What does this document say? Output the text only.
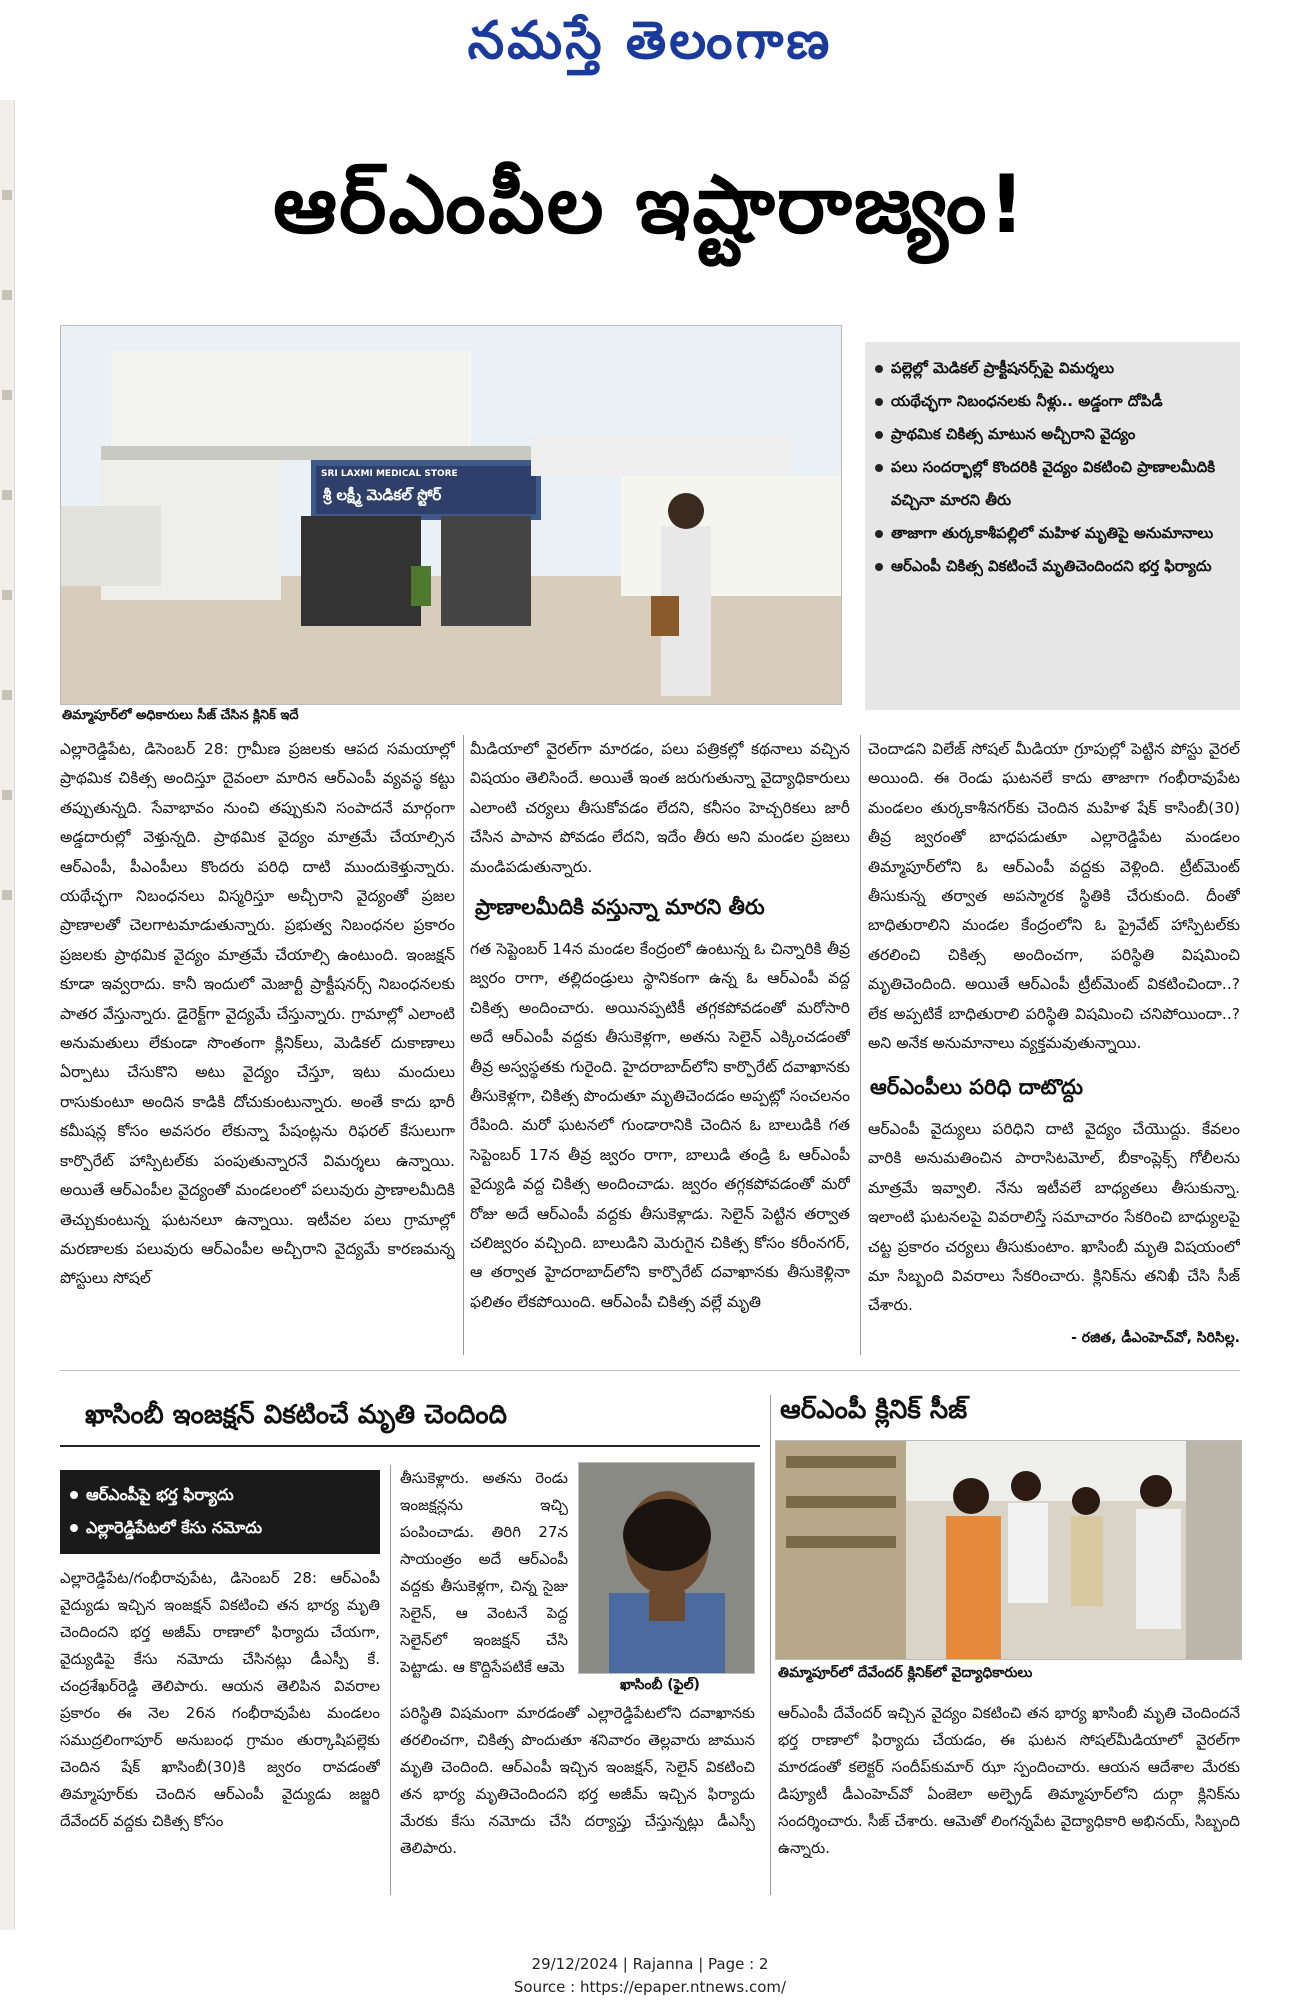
నమస్తే తెలంగాణ
ఆర్‌ఎంపీల ఇష్టారాజ్యం!
SRI LAXMI MEDICAL STORE
శ్రీ లక్ష్మీ మెడికల్ స్టోర్
తిమ్మాపూర్‌లో అధికారులు సీజ్ చేసిన క్లినిక్ ఇదే
పల్లెల్లో మెడికల్ ప్రాక్టీషనర్స్‌పై విమర్శలు
యథేచ్ఛగా నిబంధనలకు నీళ్లు.. అడ్డంగా దోపిడీ
ప్రాథమిక చికిత్స మాటున అచ్చీరాని వైద్యం
పలు సందర్భాల్లో కొందరికి వైద్యం వికటించి ప్రాణాలమీదికి వచ్చినా మారని తీరు
తాజాగా తుర్కకాశీపల్లిలో మహిళ మృతిపై అనుమానాలు
ఆర్‌ఎంపీ చికిత్స వికటించే మృతిచెందిందని భర్త ఫిర్యాదు
ఎల్లారెడ్డిపేట, డిసెంబర్ 28: గ్రామీణ ప్రజలకు ఆపద సమయాల్లో ప్రాథమిక చికిత్స అందిస్తూ దైవంలా మారిన ఆర్‌ఎంపీ వ్యవస్థ కట్టు తప్పుతున్నది. సేవాభావం నుంచి తప్పుకుని సంపాదనే మార్గంగా అడ్డదారుల్లో వెళ్తున్నది. ప్రాథమిక వైద్యం మాత్రమే చేయాల్సిన ఆర్‌ఎంపీ, పీఎంపీలు కొందరు పరిధి దాటి ముందుకెళ్తున్నారు. యథేచ్ఛగా నిబంధనలు విస్మరిస్తూ అచ్చీరాని వైద్యంతో ప్రజల ప్రాణాలతో చెలగాటమాడుతున్నారు. ప్రభుత్వ నిబంధనల ప్రకారం ప్రజలకు ప్రాథమిక వైద్యం మాత్రమే చేయాల్సి ఉంటుంది. ఇంజక్షన్ కూడా ఇవ్వరాదు. కానీ ఇందులో మెజార్టీ ప్రాక్టీషనర్స్ నిబంధనలకు పాతర వేస్తున్నారు. డైరెక్ట్‌గా వైద్యమే చేస్తున్నారు. గ్రామాల్లో ఎలాంటి అనుమతులు లేకుండా సొంతంగా క్లినిక్‌లు, మెడికల్ దుకాణాలు ఏర్పాటు చేసుకొని అటు వైద్యం చేస్తూ, ఇటు మందులు రాసుకుంటూ అందిన కాడికి దోచుకుంటున్నారు. అంతే కాదు భారీ కమీషన్ల కోసం అవసరం లేకున్నా పేషంట్లను రిఫరల్ కేసులుగా కార్పొరేట్ హాస్పిటల్‌కు పంపుతున్నారనే విమర్శలు ఉన్నాయి. అయితే ఆర్‌ఎంపీల వైద్యంతో మండలంలో పలువురు ప్రాణాలమీదికి తెచ్చుకుంటున్న ఘటనలూ ఉన్నాయి. ఇటీవల పలు గ్రామాల్లో మరణాలకు పలువురు ఆర్‌ఎంపీల అచ్చీరాని వైద్యమే కారణమన్న పోస్టులు సోషల్
మీడియాలో వైరల్‌గా మారడం, పలు పత్రికల్లో కథనాలు వచ్చిన విషయం తెలిసిందే. అయితే ఇంత జరుగుతున్నా వైద్యాధికారులు ఎలాంటి చర్యలు తీసుకోవడం లేదని, కనీసం హెచ్చరికలు జారీ చేసిన పాపాన పోవడం లేదని, ఇదేం తీరు అని మండల ప్రజలు మండిపడుతున్నారు.
ప్రాణాలమీదికి వస్తున్నా మారని తీరు
గత సెప్టెంబర్ 14న మండల కేంద్రంలో ఉంటున్న ఓ చిన్నారికి తీవ్ర జ్వరం రాగా, తల్లిదండ్రులు స్థానికంగా ఉన్న ఓ ఆర్‌ఎంపీ వద్ద చికిత్స అందించారు. అయినప్పటికీ తగ్గకపోవడంతో మరోసారి అదే ఆర్‌ఎంపీ వద్దకు తీసుకెళ్లగా, అతను సెలైన్ ఎక్కించడంతో తీవ్ర అస్వస్థతకు గురైంది. హైదరాబాద్‌లోని కార్పొరేట్ దవాఖానకు తీసుకెళ్లగా, చికిత్స పొందుతూ మృతిచెందడం అప్పట్లో సంచలనం రేపింది. మరో ఘటనలో గుండారానికి చెందిన ఓ బాలుడికి గత సెప్టెంబర్ 17న తీవ్ర జ్వరం రాగా, బాలుడి తండ్రి ఓ ఆర్‌ఎంపీ వైద్యుడి వద్ద చికిత్స అందించాడు. జ్వరం తగ్గకపోవడంతో మరో రోజు అదే ఆర్‌ఎంపీ వద్దకు తీసుకెళ్లాడు. సెలైన్ పెట్టిన తర్వాత చలిజ్వరం వచ్చింది. బాలుడిని మెరుగైన చికిత్స కోసం కరీంనగర్, ఆ తర్వాత హైదరాబాద్‌లోని కార్పొరేట్ దవాఖానకు తీసుకెళ్లినా ఫలితం లేకపోయింది. ఆర్‌ఎంపీ చికిత్స వల్లే మృతి
చెందాడని విలేజ్ సోషల్ మీడియా గ్రూపుల్లో పెట్టిన పోస్టు వైరల్ అయింది. ఈ రెండు ఘటనలే కాదు తాజాగా గంభీరావుపేట మండలం తుర్కకాశీనగర్‌కు చెందిన మహిళ షేక్ కాసింబీ(30) తీవ్ర జ్వరంతో బాధపడుతూ ఎల్లారెడ్డిపేట మండలం తిమ్మాపూర్‌లోని ఓ ఆర్‌ఎంపీ వద్దకు వెళ్లింది. ట్రీట్‌మెంట్ తీసుకున్న తర్వాత అపస్మారక స్థితికి చేరుకుంది. దీంతో బాధితురాలిని మండల కేంద్రంలోని ఓ ప్రైవేట్ హాస్పిటల్‌కు తరలించి చికిత్స అందించగా, పరిస్థితి విషమించి మృతిచెందింది. అయితే ఆర్‌ఎంపీ ట్రీట్‌మెంట్ వికటించిందా..? లేక అప్పటికే బాధితురాలి పరిస్థితి విషమించి చనిపోయిందా..? అని అనేక అనుమానాలు వ్యక్తమవుతున్నాయి.
ఆర్‌ఎంపీలు పరిధి దాటొద్దు
ఆర్‌ఎంపీ వైద్యులు పరిధిని దాటి వైద్యం చేయొద్దు. కేవలం వారికి అనుమతించిన పారాసిటమోల్, బీకాంప్లెక్స్ గోలీలను మాత్రమే ఇవ్వాలి. నేను ఇటీవలే బాధ్యతలు తీసుకున్నా. ఇలాంటి ఘటనలపై వివరాలిస్తే సమాచారం సేకరించి బాధ్యులపై చట్ట ప్రకారం చర్యలు తీసుకుంటాం. ఖాసింబీ మృతి విషయంలో మా సిబ్బంది వివరాలు సేకరించారు. క్లినిక్‌ను తనిఖీ చేసి సీజ్ చేశారు.
- రజిత, డీఎంహెచ్‌వో, సిరిసిల్ల.
ఖాసింబీ ఇంజక్షన్ వికటించే మృతి చెందింది
ఆర్‌ఎంపీపై భర్త ఫిర్యాదు
ఎల్లారెడ్డిపేటలో కేసు నమోదు
ఎల్లారెడ్డిపేట/గంభీరావుపేట, డిసెంబర్ 28: ఆర్‌ఎంపీ వైద్యుడు ఇచ్చిన ఇంజక్షన్ వికటించి తన భార్య మృతి చెందిందని భర్త అజీమ్ రాణాలో ఫిర్యాదు చేయగా, వైద్యుడిపై కేసు నమోదు చేసినట్లు డీఎస్పీ కే. చంద్రశేఖర్‌రెడ్డి తెలిపారు. ఆయన తెలిపిన వివరాల ప్రకారం ఈ నెల 26న గంభీరావుపేట మండలం సముద్రలింగాపూర్ అనుబంధ గ్రామం తుర్కాషిపల్లెకు చెందిన షేక్ ఖాసింబీ(30)కి జ్వరం రావడంతో తిమ్మాపూర్‌కు చెందిన ఆర్‌ఎంపీ వైద్యుడు జజ్జరి దేవేందర్ వద్దకు చికిత్స కోసం
తీసుకెళ్లారు. అతను రెండు ఇంజక్షన్లను ఇచ్చి పంపించాడు. తిరిగి 27న సాయంత్రం అదే ఆర్‌ఎంపీ వద్దకు తీసుకెళ్లగా, చిన్న సైజు సెలైన్, ఆ వెంటనే పెద్ద సెలైన్‌లో ఇంజక్షన్ చేసి పెట్టాడు. ఆ కొద్దిసేపటికే ఆమె
ఖాసింబీ (ఫైల్)
పరిస్థితి విషమంగా మారడంతో ఎల్లారెడ్డిపేటలోని దవాఖానకు తరలించగా, చికిత్స పొందుతూ శనివారం తెల్లవారు జామున మృతి చెందింది. ఆర్‌ఎంపీ ఇచ్చిన ఇంజక్షన్, సెలైన్ వికటించి తన భార్య మృతిచెందిందని భర్త అజీమ్ ఇచ్చిన ఫిర్యాదు మేరకు కేసు నమోదు చేసి దర్యాప్తు చేస్తున్నట్లు డీఎస్పీ తెలిపారు.
ఆర్‌ఎంపీ క్లినిక్ సీజ్
తిమ్మాపూర్‌లో దేవేందర్ క్లినిక్‌లో వైద్యాధికారులు
ఆర్‌ఎంపీ దేవేందర్ ఇచ్చిన వైద్యం వికటించి తన భార్య ఖాసింబీ మృతి చెందిందనే భర్త రాణాలో ఫిర్యాదు చేయడం, ఈ ఘటన సోషల్‌మీడియాలో వైరల్‌గా మారడంతో కలెక్టర్ సందీప్‌కుమార్ ఝా స్పందించారు. ఆయన ఆదేశాల మేరకు డిప్యూటీ డీఎంహెచ్‌వో ఏంజెలా అల్ఫ్రెడ్ తిమ్మాపూర్‌లోని దుర్గా క్లినిక్‌ను సందర్శించారు. సీజ్ చేశారు. ఆమెతో లింగన్నపేట వైద్యాధికారి అభినయ్, సిబ్బంది ఉన్నారు.
29/12/2024 | Rajanna | Page : 2
Source : https://epaper.ntnews.com/
